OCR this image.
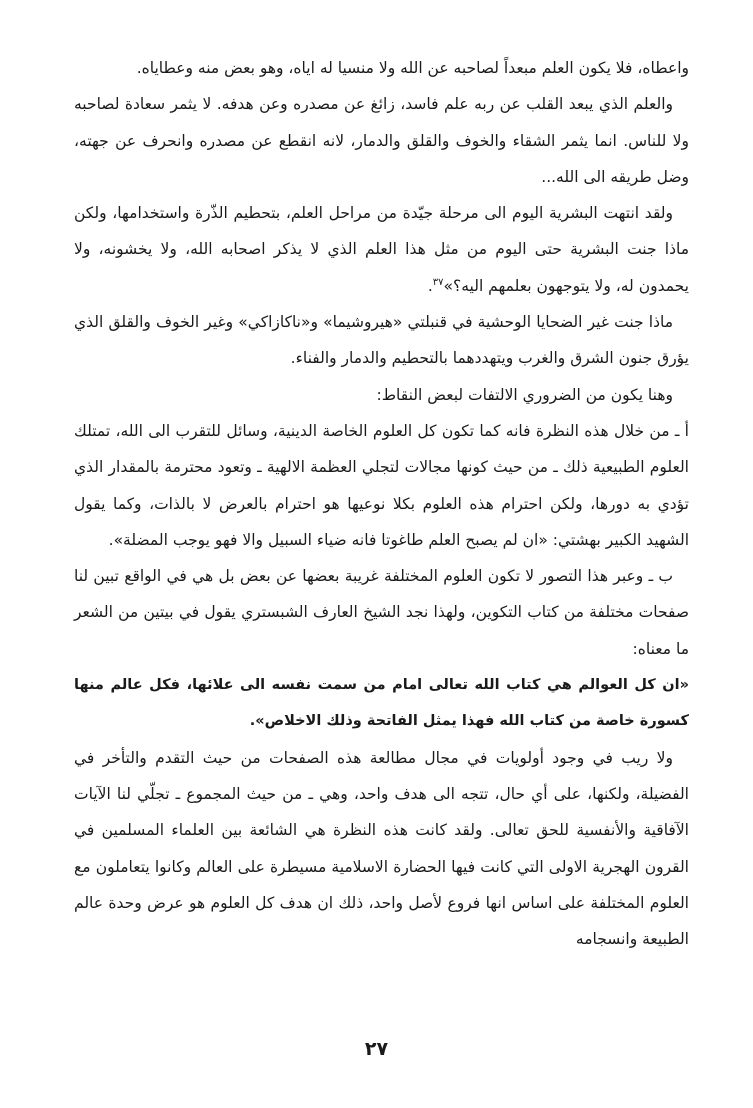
واعطاه، فلا يكون العلم مبعداً لصاحبه عن الله ولا منسيا له اياه، وهو بعض منه وعطاياه.

والعلم الذي يبعد القلب عن ربه علم فاسد، زائغ عن مصدره وعن هدفه. لا يثمر سعادة لصاحبه ولا للناس. انما يثمر الشقاء والخوف والقلق والدمار، لانه انقطع عن مصدره وانحرف عن جهته، وضل طريقه الى الله...

ولقد انتهت البشرية اليوم الى مرحلة جيّدة من مراحل العلم، بتحطيم الذّرة واستخدامها، ولكن ماذا جنت البشرية حتى اليوم من مثل هذا العلم الذي لا يذكر اصحابه الله، ولا يخشونه، ولا يحمدون له، ولا يتوجهون بعلمهم اليه؟»$^{٣٧}$.

ماذا جنت غير الضحايا الوحشية في قنبلتي «هيروشيما» و«ناكازاكي» وغير الخوف والقلق الذي يؤرق جنون الشرق والغرب ويتهددهما بالتحطيم والدمار والفناء.

وهنا يكون من الضروري الالتفات لبعض النقاط:

أ ـ من خلال هذه النظرة فانه كما تكون كل العلوم الخاصة الدينية، وسائل للتقرب الى الله، تمتلك العلوم الطبيعية ذلك ـ من حيث كونها مجالات لتجلي العظمة الالهية ـ وتعود محترمة بالمقدار الذي تؤدي به دورها، ولكن احترام هذه العلوم بكلا نوعيها هو احترام بالعرض لا بالذات، وكما يقول الشهيد الكبير بهشتي: «ان لم يصبح العلم طاغوتا فانه ضياء السبيل والا فهو يوجب المضلة».

ب ـ وعبر هذا التصور لا تكون العلوم المختلفة غريبة بعضها عن بعض بل هي في الواقع تبين لنا صفحات مختلفة من كتاب التكوين، ولهذا نجد الشيخ العارف الشبستري يقول في بيتين من الشعر ما معناه:

«ان كل العوالم هي كتاب الله تعالى امام من سمت نفسه الى علائها، فكل عالم منها كسورة خاصة من كتاب الله فهذا يمثل الفاتحة وذلك الاخلاص».

ولا ريب في وجود أولويات في مجال مطالعة هذه الصفحات من حيث التقدم والتأخر في الفضيلة، ولكنها، على أي حال، تتجه الى هدف واحد، وهي ـ من حيث المجموع ـ تجلّي لنا الآيات الآفاقية والأنفسية للحق تعالى. ولقد كانت هذه النظرة هي الشائعة بين العلماء المسلمين في القرون الهجرية الاولى التي كانت فيها الحضارة الاسلامية مسيطرة على العالم وكانوا يتعاملون مع العلوم المختلفة على اساس انها فروع لأصل واحد، ذلك ان هدف كل العلوم هو عرض وحدة عالم الطبيعة وانسجامه

٢٧
